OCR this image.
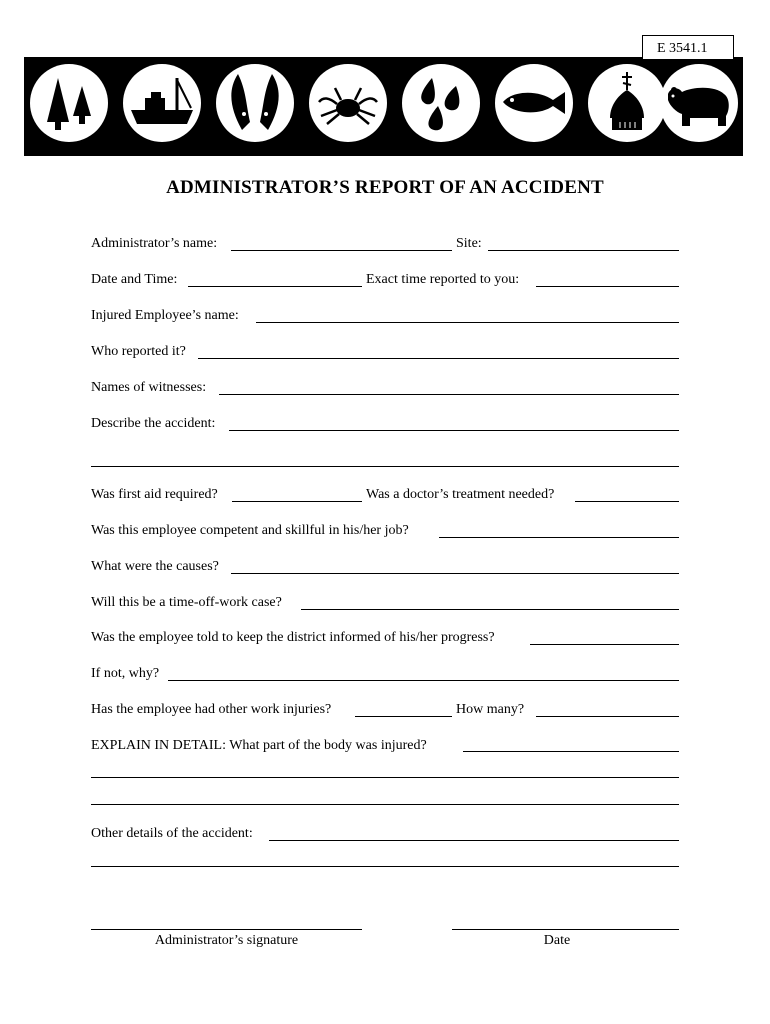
E 3541.1
ADMINISTRATOR’S REPORT OF AN ACCIDENT
Administrator’s name:	Site:
Date and Time:	Exact time reported to you:
Injured Employee’s name:
Who reported it?
Names of witnesses:
Describe the accident:
Was first aid required?	Was a doctor’s treatment needed?
Was this employee competent and skillful in his/her job?
What were the causes?
Will this be a time-off-work case?
Was the employee told to keep the district informed of his/her progress?
If not, why?
Has the employee had other work injuries?	How many?
EXPLAIN IN DETAIL: What part of the body was injured?
Other details of the accident:
Administrator’s signature	Date
